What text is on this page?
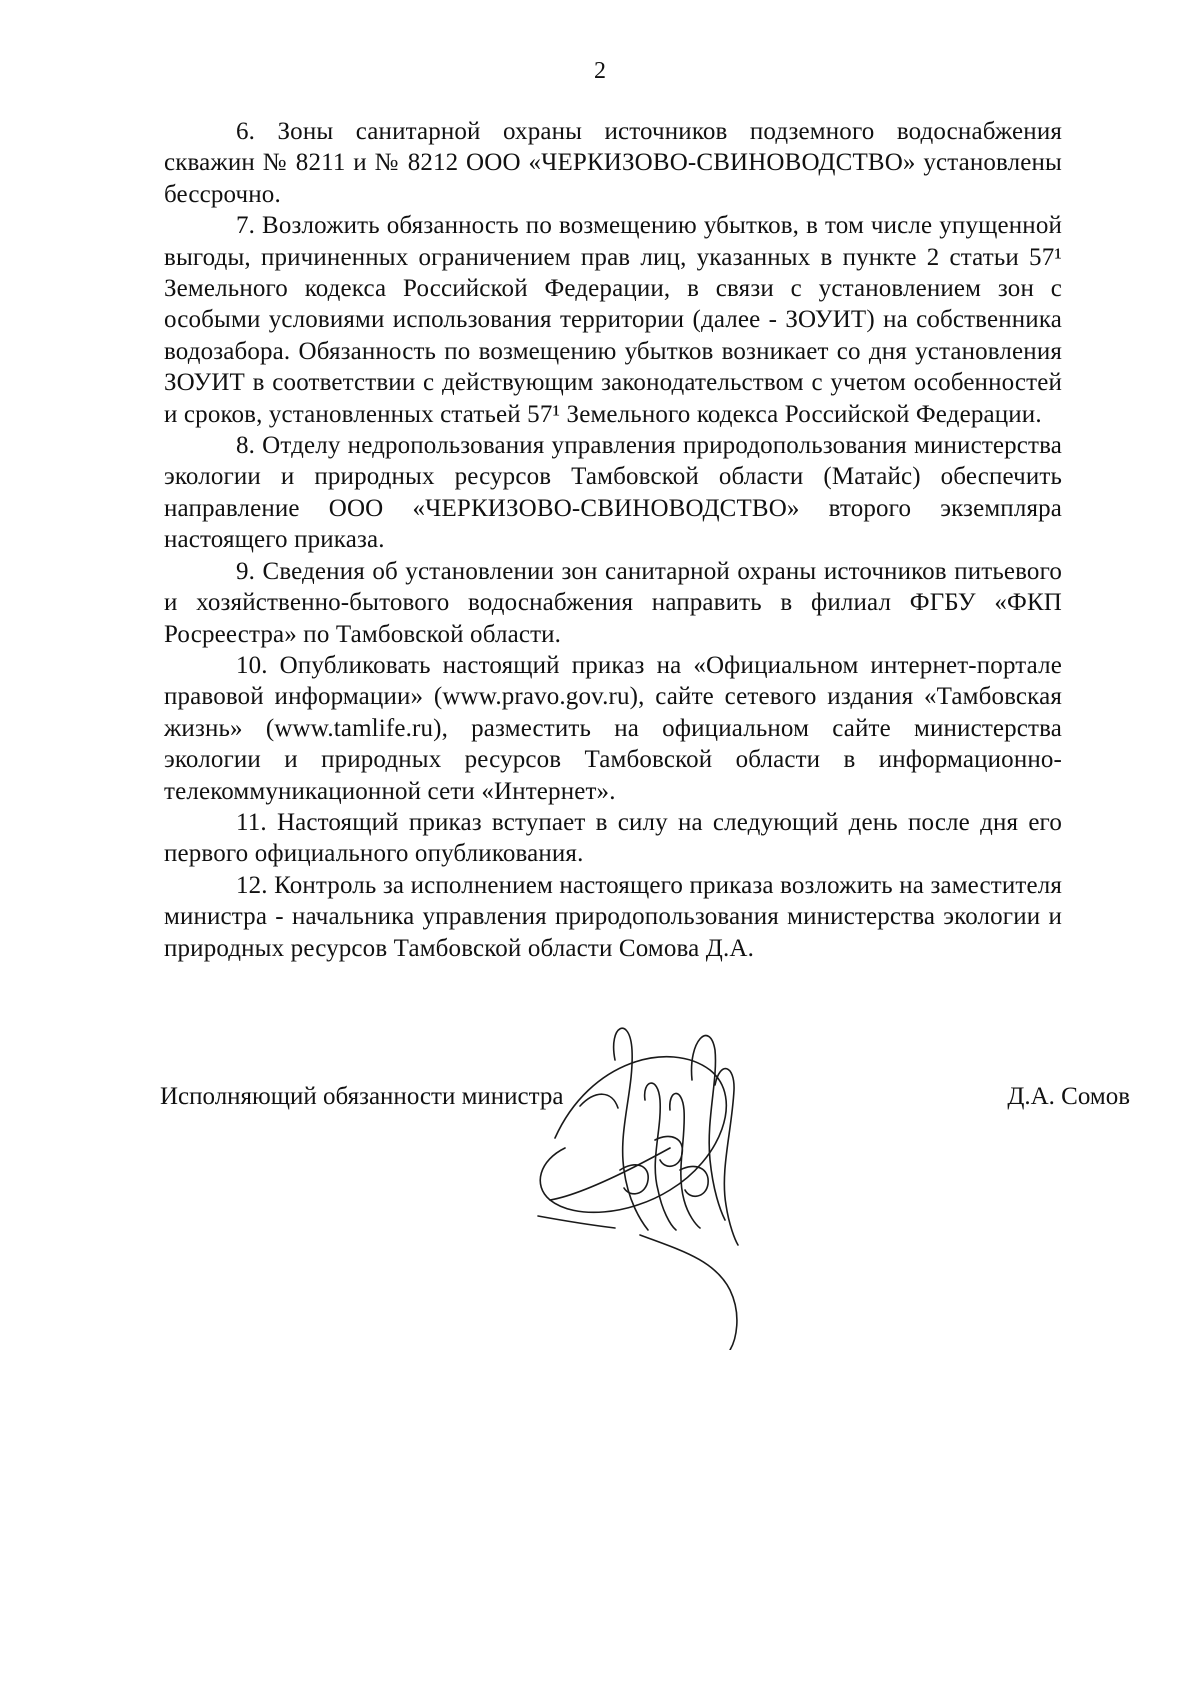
2

6. Зоны санитарной охраны источников подземного водоснабжения скважин № 8211 и № 8212 ООО «ЧЕРКИЗОВО-СВИНОВОДСТВО» установлены бессрочно.

7. Возложить обязанность по возмещению убытков, в том числе упущенной выгоды, причиненных ограничением прав лиц, указанных в пункте 2 статьи 57¹ Земельного кодекса Российской Федерации, в связи с установлением зон с особыми условиями использования территории (далее - ЗОУИТ) на собственника водозабора. Обязанность по возмещению убытков возникает со дня установления ЗОУИТ в соответствии с действующим законодательством с учетом особенностей и сроков, установленных статьей 57¹ Земельного кодекса Российской Федерации.

8. Отделу недропользования управления природопользования министерства экологии и природных ресурсов Тамбовской области (Матайс) обеспечить направление ООО «ЧЕРКИЗОВО-СВИНОВОДСТВО» второго экземпляра настоящего приказа.

9. Сведения об установлении зон санитарной охраны источников питьевого и хозяйственно-бытового водоснабжения направить в филиал ФГБУ «ФКП Росреестра» по Тамбовской области.

10. Опубликовать настоящий приказ на «Официальном интернет-портале правовой информации» (www.pravo.gov.ru), сайте сетевого издания «Тамбовская жизнь» (www.tamlife.ru), разместить на официальном сайте министерства экологии и природных ресурсов Тамбовской области в информационно-телекоммуникационной сети «Интернет».

11. Настоящий приказ вступает в силу на следующий день после дня его первого официального опубликования.

12. Контроль за исполнением настоящего приказа возложить на заместителя министра - начальника управления природопользования министерства экологии и природных ресурсов Тамбовской области Сомова Д.А.

Исполняющий обязанности министра	Д.А. Сомов
